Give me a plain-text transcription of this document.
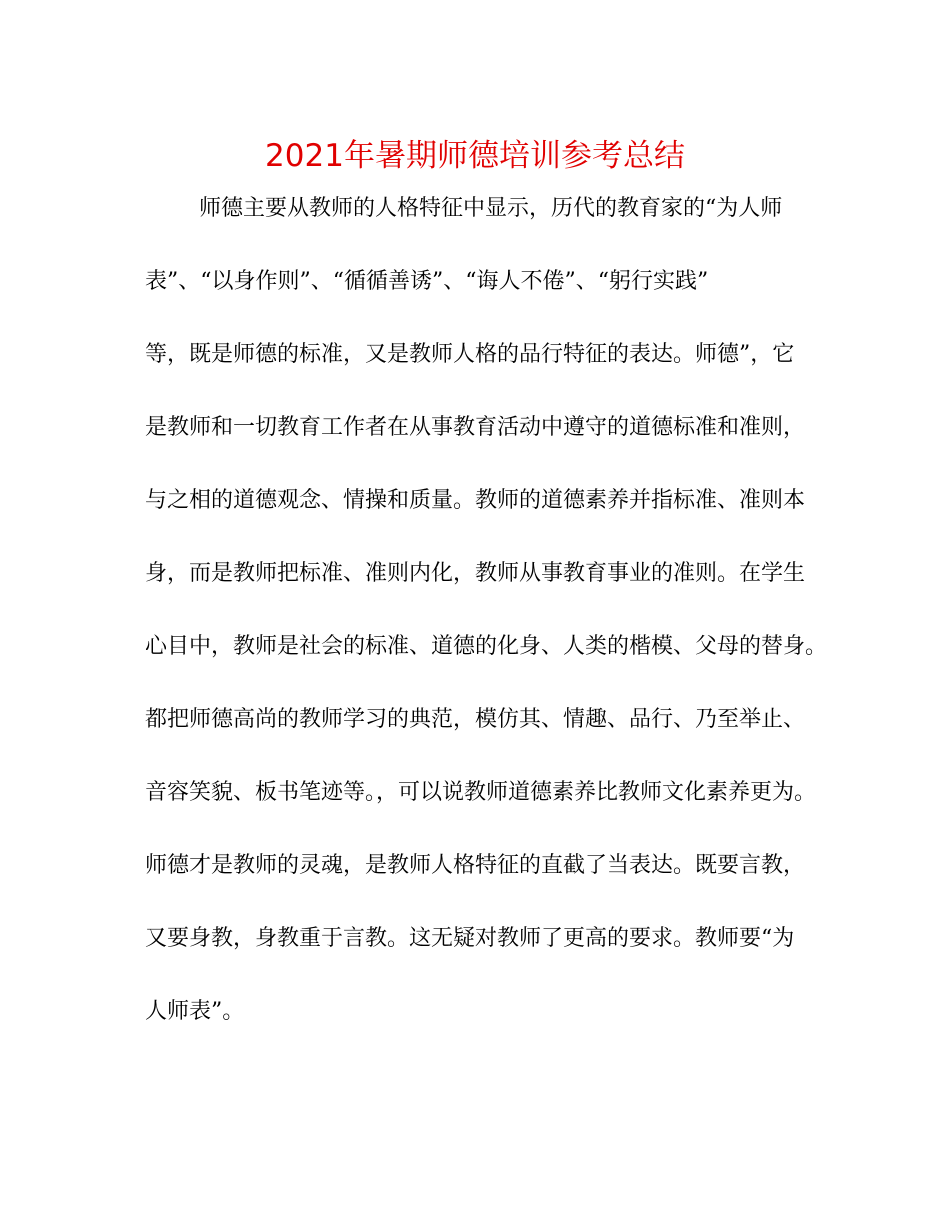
2021年暑期师德培训参考总结
师德主要从教师的人格特征中显示，历代的教育家的“为人师
表”、“以身作则”、“循循善诱”、“诲人不倦”、“躬行实践”
等，既是师德的标准，又是教师人格的品行特征的表达。师德”，它
是教师和一切教育工作者在从事教育活动中遵守的道德标准和准则，
与之相的道德观念、情操和质量。教师的道德素养并指标准、准则本
身，而是教师把标准、准则内化，教师从事教育事业的准则。在学生
心目中，教师是社会的标准、道德的化身、人类的楷模、父母的替身。
都把师德高尚的教师学习的典范，模仿其、情趣、品行、乃至举止、
音容笑貌、板书笔迹等。，可以说教师道德素养比教师文化素养更为。
师德才是教师的灵魂，是教师人格特征的直截了当表达。既要言教，
又要身教，身教重于言教。这无疑对教师了更高的要求。教师要“为
人师表”。
